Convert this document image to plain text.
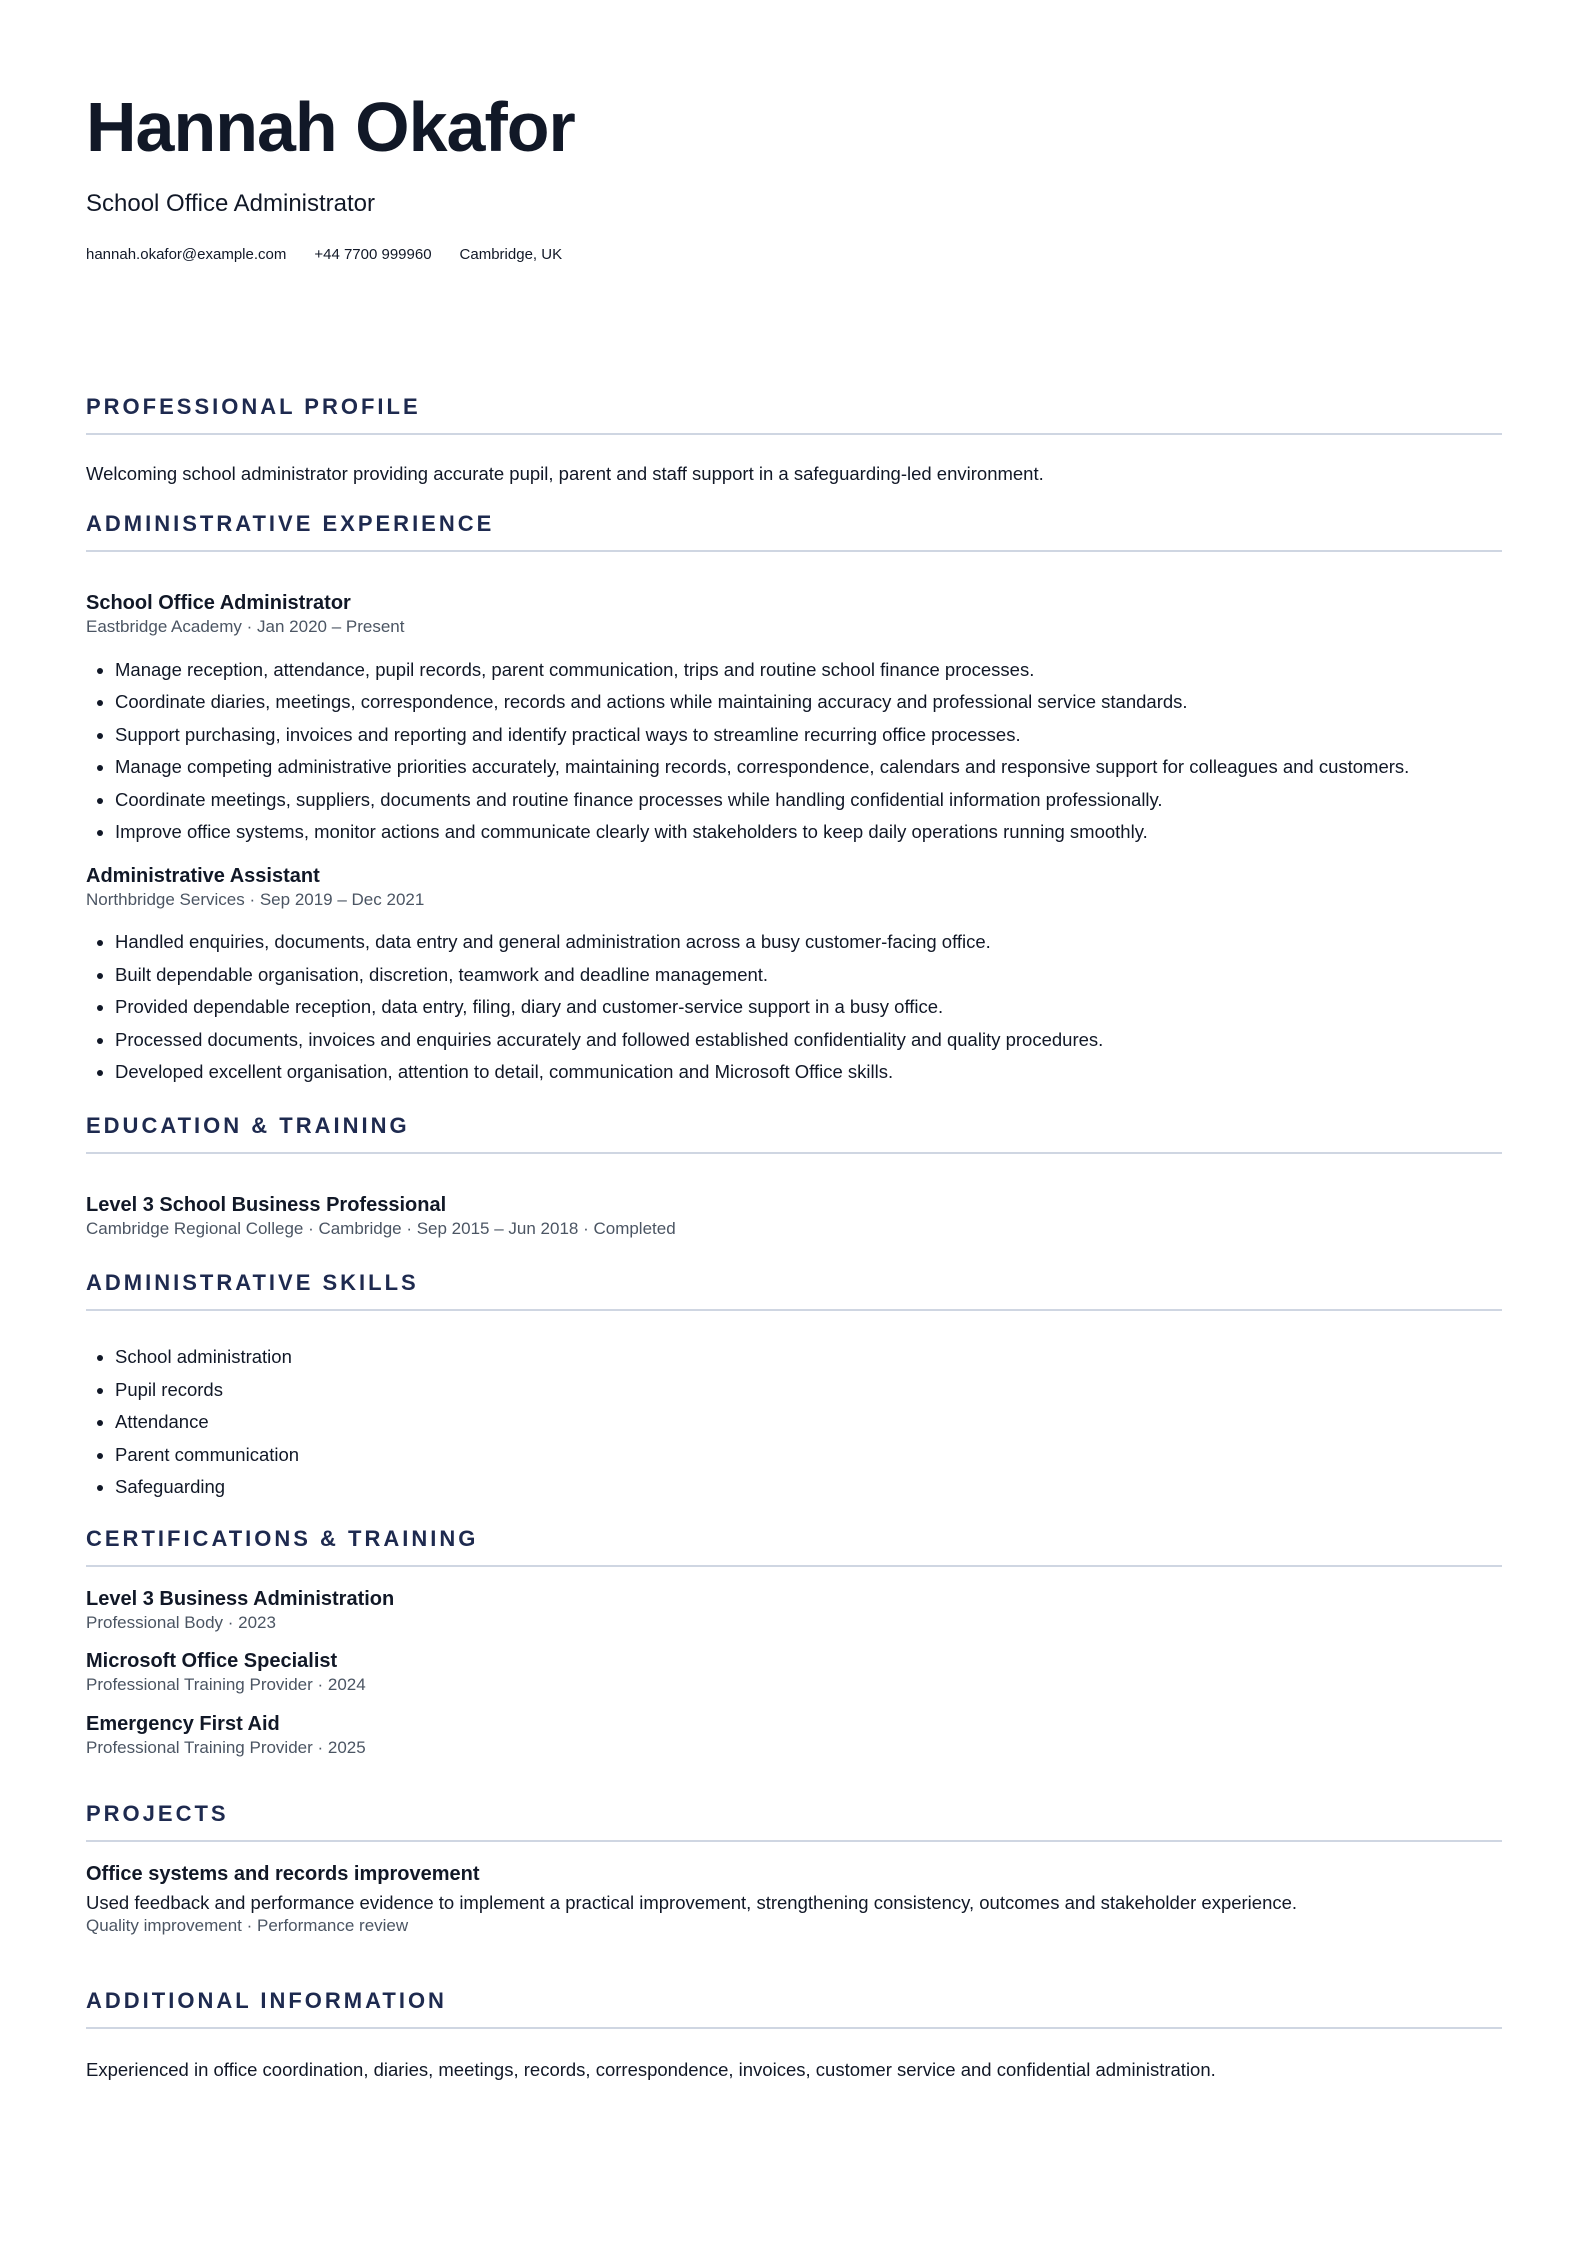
Hannah Okafor
School Office Administrator
hannah.okafor@example.com +44 7700 999960 Cambridge, UK
PROFESSIONAL PROFILE

Welcoming school administrator providing accurate pupil, parent and staff support in a safeguarding-led environment.

ADMINISTRATIVE EXPERIENCE

School Office Administrator

Eastbridge Academy · Jan 2020 – Present

• Manage reception, attendance, pupil records, parent communication, trips and routine school finance processes.
• Coordinate diaries, meetings, correspondence, records and actions while maintaining accuracy and professional service standards.
• Support purchasing, invoices and reporting and identify practical ways to streamline recurring office processes.
• Manage competing administrative priorities accurately, maintaining records, correspondence, calendars and responsive support for colleagues and customers.
• Coordinate meetings, suppliers, documents and routine finance processes while handling confidential information professionally.
• Improve office systems, monitor actions and communicate clearly with stakeholders to keep daily operations running smoothly.

Administrative Assistant

Northbridge Services · Sep 2019 – Dec 2021

• Handled enquiries, documents, data entry and general administration across a busy customer-facing office.
• Built dependable organisation, discretion, teamwork and deadline management.
• Provided dependable reception, data entry, filing, diary and customer-service support in a busy office.
• Processed documents, invoices and enquiries accurately and followed established confidentiality and quality procedures.
• Developed excellent organisation, attention to detail, communication and Microsoft Office skills.
EDUCATION & TRAINING

Level 3 School Business Professional

Cambridge Regional College · Cambridge · Sep 2015 – Jun 2018 · Completed

ADMINISTRATIVE SKILLS
• School administration
• Pupil records
• Attendance
• Parent communication
• Safeguarding
CERTIFICATIONS & TRAINING

Level 3 Business Administration

Professional Body · 2023

Microsoft Office Specialist

Professional Training Provider · 2024

Emergency First Aid

Professional Training Provider · 2025

PROJECTS

Office systems and records improvement

Used feedback and performance evidence to implement a practical improvement, strengthening consistency, outcomes and stakeholder experience.

Quality improvement · Performance review

ADDITIONAL INFORMATION

Experienced in office coordination, diaries, meetings, records, correspondence, invoices, customer service and confidential administration.
